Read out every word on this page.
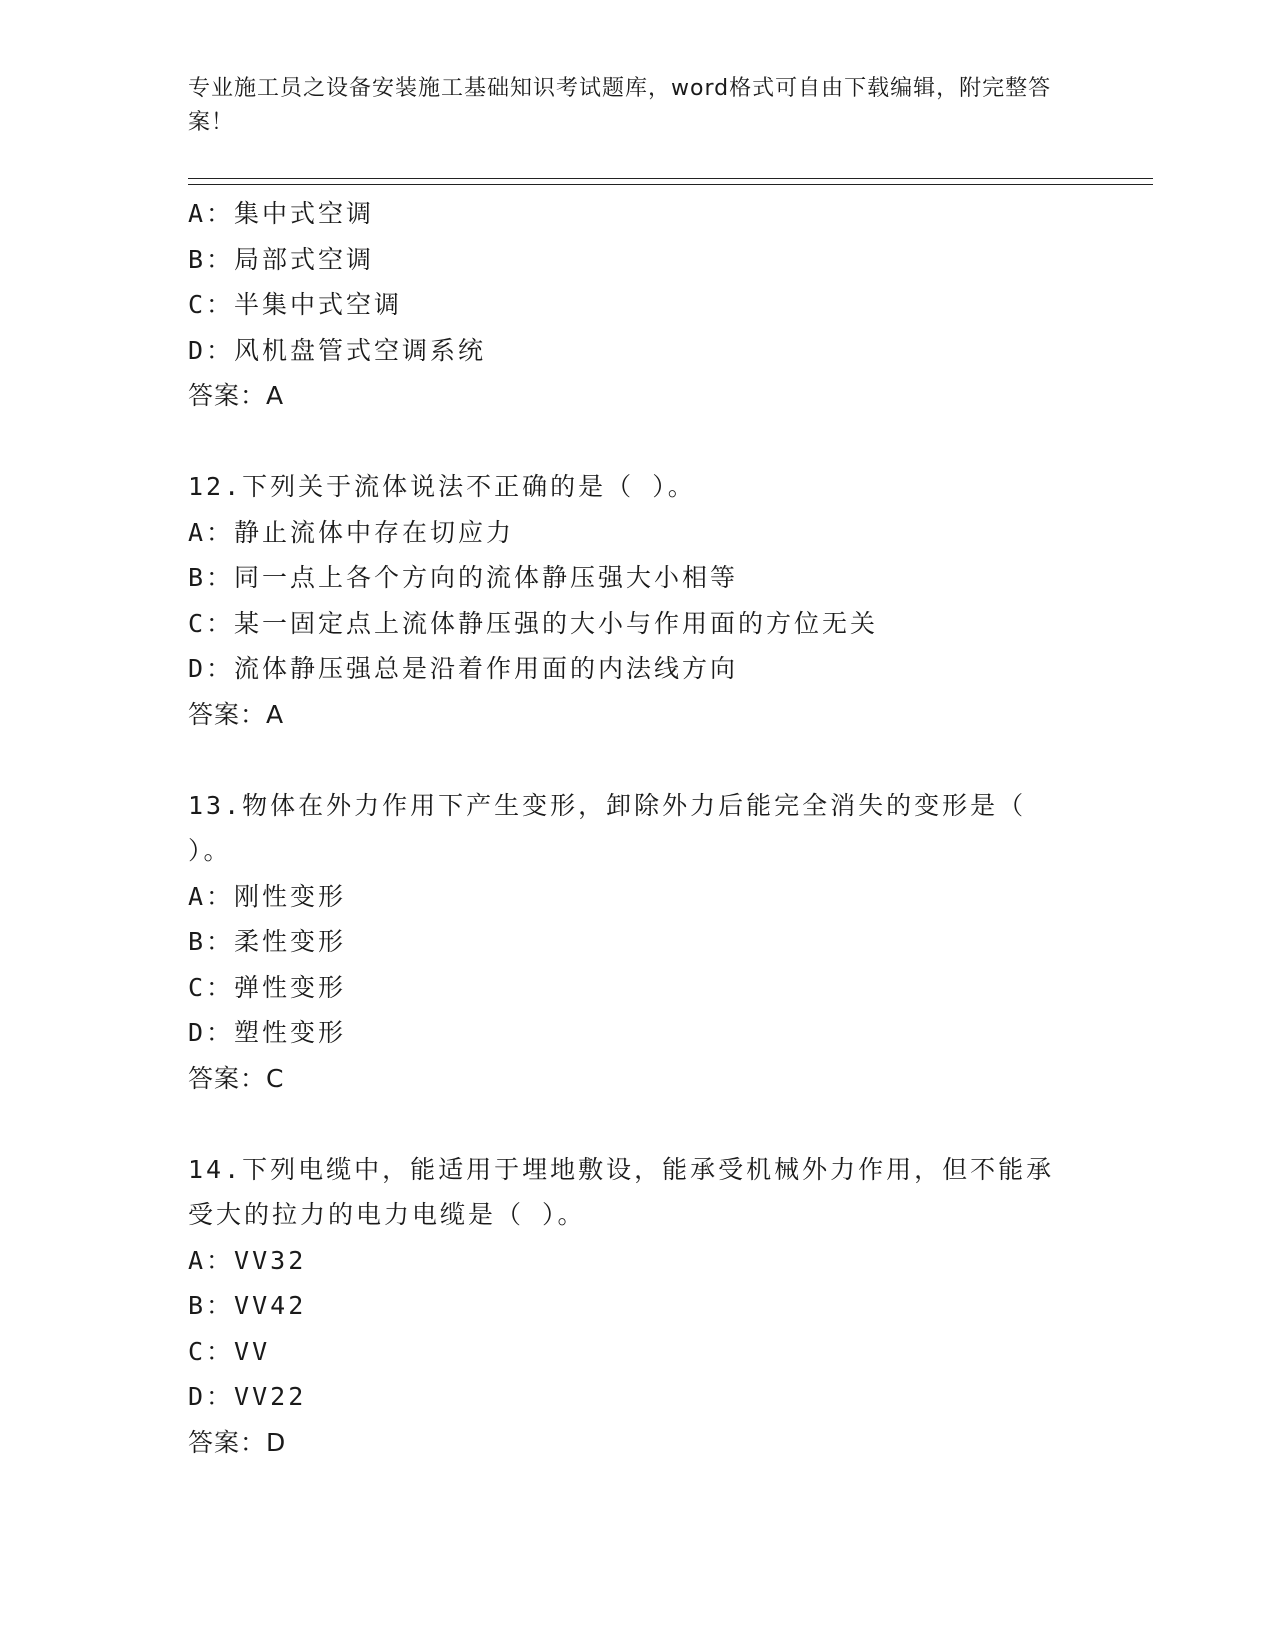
专业施工员之设备安装施工基础知识考试题库，word格式可自由下载编辑，附完整答案！
A：集中式空调
B：局部式空调
C：半集中式空调
D：风机盘管式空调系统
答案：A
12.下列关于流体说法不正确的是（ ）。
A：静止流体中存在切应力
B：同一点上各个方向的流体静压强大小相等
C：某一固定点上流体静压强的大小与作用面的方位无关
D：流体静压强总是沿着作用面的内法线方向
答案：A
13.物体在外力作用下产生变形，卸除外力后能完全消失的变形是（
）。
A：刚性变形
B：柔性变形
C：弹性变形
D：塑性变形
答案：C
14.下列电缆中，能适用于埋地敷设，能承受机械外力作用，但不能承
受大的拉力的电力电缆是（ ）。
A：VV32
B：VV42
C：VV
D：VV22
答案：D
